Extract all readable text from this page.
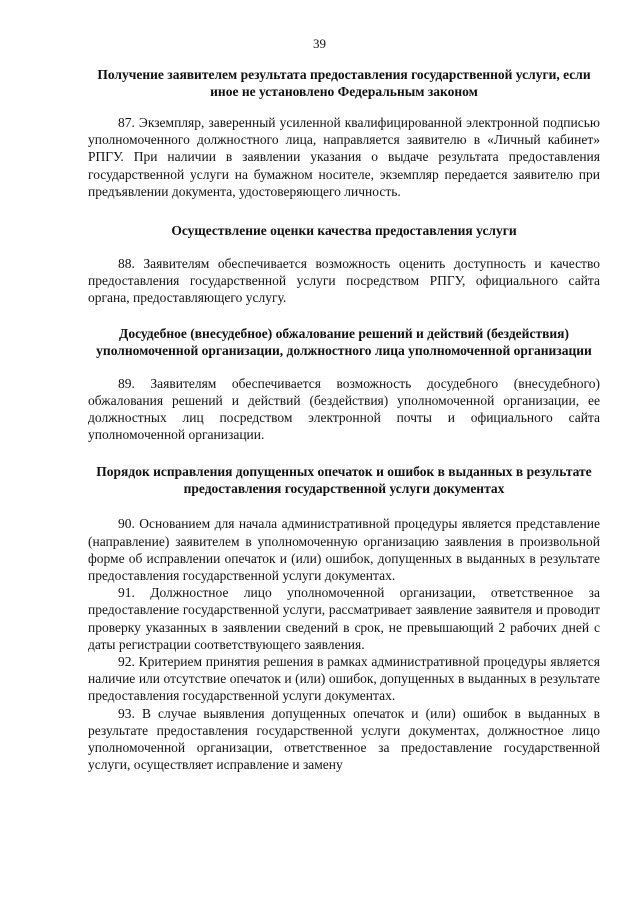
39

Получение заявителем результата предоставления государственной услуги, если иное не установлено Федеральным законом

87. Экземпляр, заверенный усиленной квалифицированной электронной подписью уполномоченного должностного лица, направляется заявителю в «Личный кабинет» РПГУ. При наличии в заявлении указания о выдаче результата предоставления государственной услуги на бумажном носителе, экземпляр передается заявителю при предъявлении документа, удостоверяющего личность.

Осуществление оценки качества предоставления услуги

88. Заявителям обеспечивается возможность оценить доступность и качество предоставления государственной услуги посредством РПГУ, официального сайта органа, предоставляющего услугу.

Досудебное (внесудебное) обжалование решений и действий (бездействия) уполномоченной организации, должностного лица уполномоченной организации

89. Заявителям обеспечивается возможность досудебного (внесудебного) обжалования решений и действий (бездействия) уполномоченной организации, ее должностных лиц посредством электронной почты и официального сайта уполномоченной организации.

Порядок исправления допущенных опечаток и ошибок в выданных в результате предоставления государственной услуги документах

90. Основанием для начала административной процедуры является представление (направление) заявителем в уполномоченную организацию заявления в произвольной форме об исправлении опечаток и (или) ошибок, допущенных в выданных в результате предоставления государственной услуги документах.

91. Должностное лицо уполномоченной организации, ответственное за предоставление государственной услуги, рассматривает заявление заявителя и проводит проверку указанных в заявлении сведений в срок, не превышающий 2 рабочих дней с даты регистрации соответствующего заявления.

92. Критерием принятия решения в рамках административной процедуры является наличие или отсутствие опечаток и (или) ошибок, допущенных в выданных в результате предоставления государственной услуги документах.

93. В случае выявления допущенных опечаток и (или) ошибок в выданных в результате предоставления государственной услуги документах, должностное лицо уполномоченной организации, ответственное за предоставление государственной услуги, осуществляет исправление и замену
